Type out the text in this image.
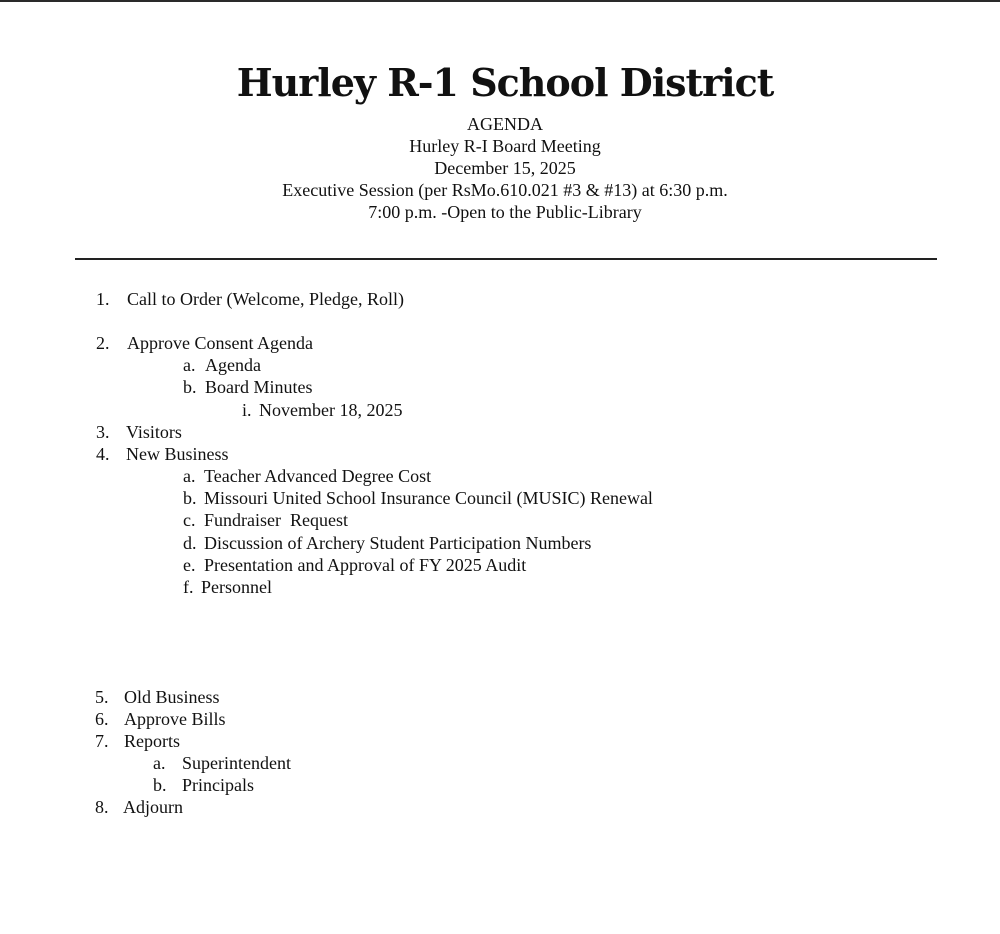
Hurley R-1 School District
AGENDA
Hurley R-I Board Meeting
December 15, 2025
Executive Session (per RsMo.610.021 #3 & #13) at 6:30 p.m.
7:00 p.m. -Open to the Public-Library
1. Call to Order (Welcome, Pledge, Roll)
2. Approve Consent Agenda
a. Agenda
b. Board Minutes
i. November 18, 2025
3. Visitors
4. New Business
a. Teacher Advanced Degree Cost
b. Missouri United School Insurance Council (MUSIC) Renewal
c. Fundraiser  Request
d. Discussion of Archery Student Participation Numbers
e. Presentation and Approval of FY 2025 Audit
f. Personnel
5. Old Business
6. Approve Bills
7. Reports
a. Superintendent
b. Principals
8. Adjourn
